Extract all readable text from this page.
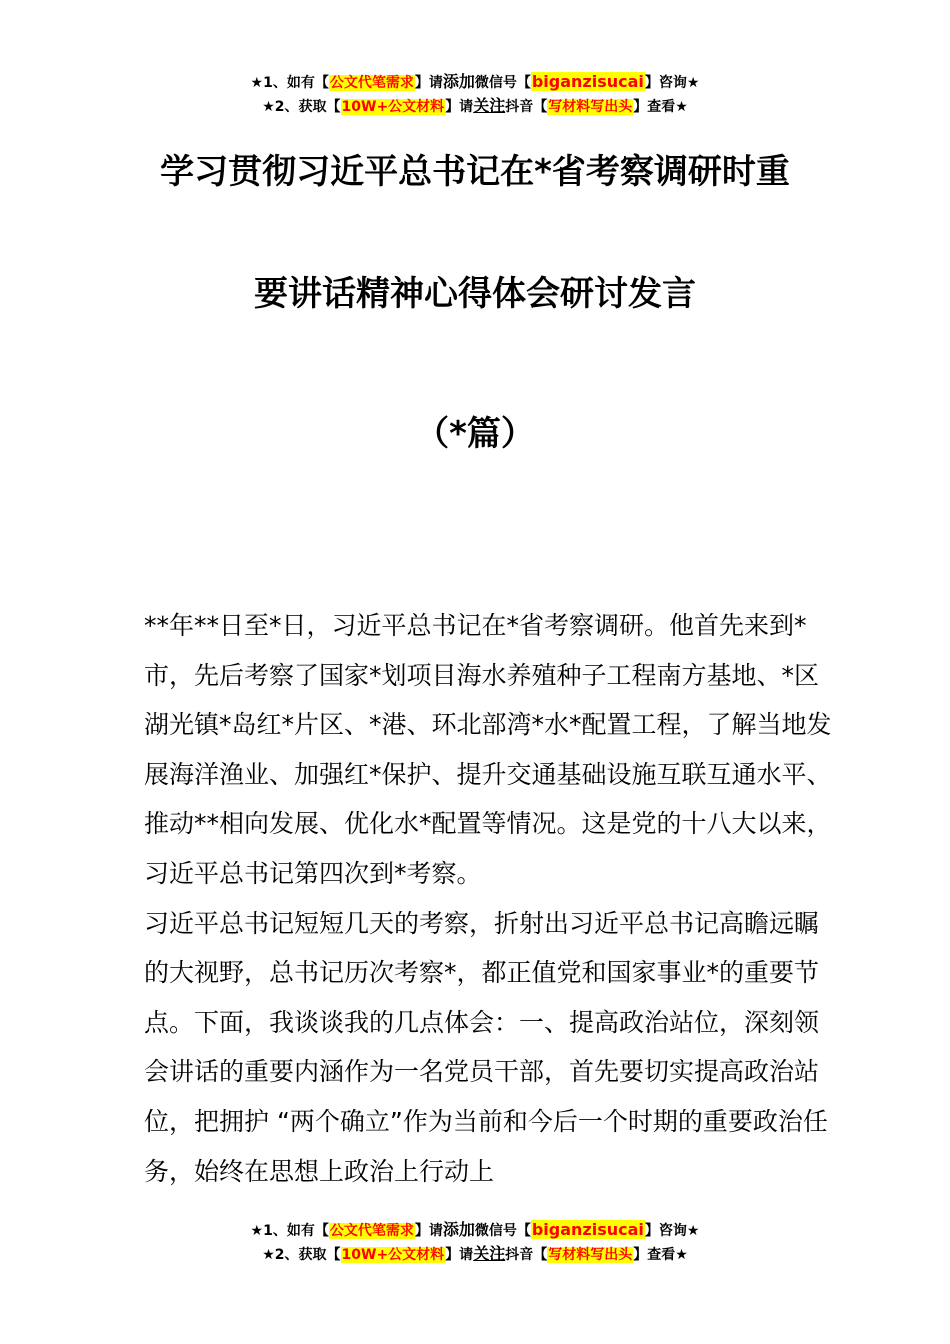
★1、如有【公文代笔需求】请添加微信号【biganzisucai】咨询★
★2、获取【10W+公文材料】请关注抖音【写材料写出头】查看★
学习贯彻习近平总书记在*省考察调研时重
要讲话精神心得体会研讨发言
（*篇）

**年**日至*日，习近平总书记在*省考察调研。他首先来到*市，先后考察了国家*划项目海水养殖种子工程南方基地、*区湖光镇*岛红*片区、*港、环北部湾*水*配置工程，了解当地发展海洋渔业、加强红*保护、提升交通基础设施互联互通水平、推动**相向发展、优化水*配置等情况。这是党的十八大以来，习近平总书记第四次到*考察。

习近平总书记短短几天的考察，折射出习近平总书记高瞻远瞩的大视野，总书记历次考察*，都正值党和国家事业*的重要节点。下面，我谈谈我的几点体会：一、提高政治站位，深刻领会讲话的重要内涵作为一名党员干部，首先要切实提高政治站位，把拥护 “两个确立”作为当前和今后一个时期的重要政治任务，始终在思想上政治上行动上

★1、如有【公文代笔需求】请添加微信号【biganzisucai】咨询★
★2、获取【10W+公文材料】请关注抖音【写材料写出头】查看★
